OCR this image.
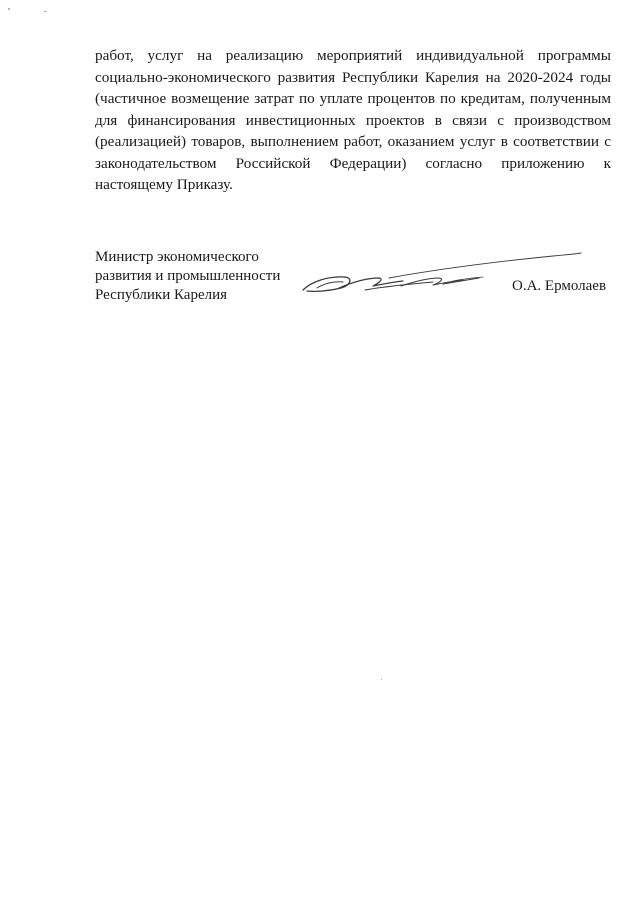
работ, услуг на реализацию мероприятий индивидуальной программы
социально-экономического развития Республики Карелия на 2020-2024 годы
(частичное возмещение затрат по уплате процентов по кредитам, полученным
для финансирования инвестиционных проектов в связи с производством
(реализацией) товаров, выполнением работ, оказанием услуг в соответствии с
законодательством Российской Федерации) согласно приложению к
настоящему Приказу.

Министр экономического
развития и промышленности
Республики Карелия

О.А. Ермолаев
